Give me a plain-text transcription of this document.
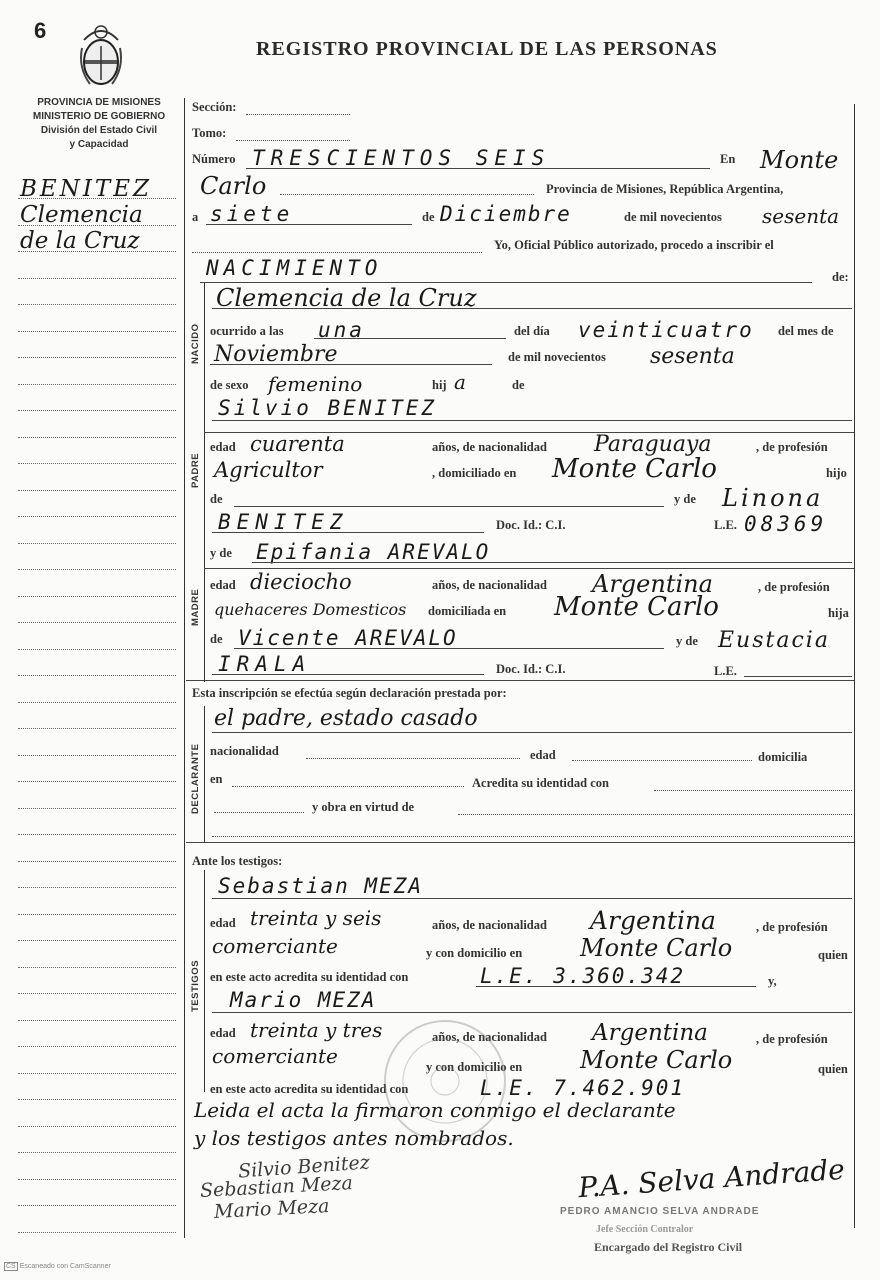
6
REGISTRO PROVINCIAL DE LAS PERSONAS
PROVINCIA DE MISIONES
MINISTERIO DE GOBIERNO
División del Estado Civil
y Capacidad
BENITEZ
Clemencia
de la Cruz
NACIDO
PADRE
MADRE
DECLARANTE
TESTIGOS
Sección:
Tomo:
Número TRESCIENTOS SEIS	En Monte
Carlo	Provincia de Misiones, República Argentina,
a siete	de Diciembre	de mil novecientos sesenta
Yo, Oficial Público autorizado, procedo a inscribir el
NACIMIENTO	de:
Clemencia de la Cruz
ocurrido a las una	del día veinticuatro del mes de
Noviembre	de mil novecientos sesenta
de sexo femenino	hij a	de
Silvio BENITEZ
edad cuarenta	años, de nacionalidad Paraguaya	, de profesión
Agricultor	, domiciliado en Monte Carlo	hijo
de	y de Linona
BENITEZ	Doc. Id.: C.I.	L.E. 08369
y de Epifania AREVALO
edad dieciocho	años, de nacionalidad Argentina	, de profesión
quehaceres Domesticos domiciliada en Monte Carlo	hija
de Vicente AREVALO	y de Eustacia
IRALA	Doc. Id.: C.I.	L.E.
Esta inscripción se efectúa según declaración prestada por:
el padre, estado casado
nacionalidad	edad	domicilia
en	Acredita su identidad con
y obra en virtud de
Ante los testigos:
Sebastian MEZA
edad treinta y seis	años, de nacionalidad Argentina	, de profesión
comerciante	y con domicilio en Monte Carlo	quien
en este acto acredita su identidad con	L.E. 3.360.342	y,
Mario MEZA
edad treinta y tres	años, de nacionalidad Argentina	, de profesión
comerciante	y con domicilio en Monte Carlo	quien
en este acto acredita su identidad con	L.E. 7.462.901
Leida el acta la firmaron conmigo el declarante
y los testigos antes nombrados.
Silvio Benitez
Sebastian Meza
Mario Meza
P.A. Selva Andrade
PEDRO AMANCIO SELVA ANDRADE
Jefe Sección Contralor
Encargado del Registro Civil
CS Escaneado con CamScanner
